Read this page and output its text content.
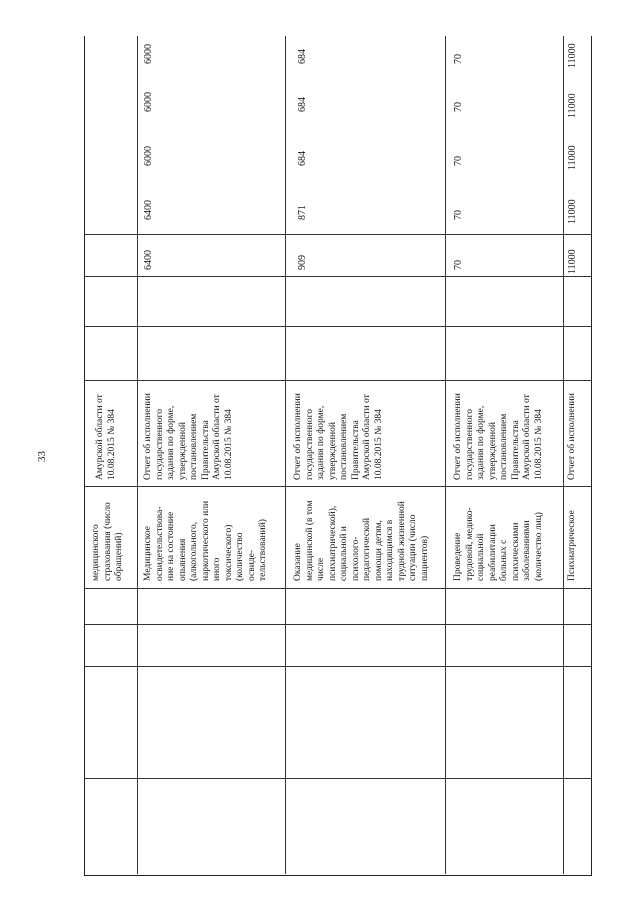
33
медицинского
страхования (число
обращений)
Амурской области от
10.08.2015 № 384
Медицинское
освидетельствова-
ние на состояние
опьянения
(алкогольного,
наркотического или
иного
токсического)
(количество
освиде-
тельствований)
Отчет об исполнении
государственного
задания по форме,
утвержденной
постановлением
Правительства
Амурской области от
10.08.2015 № 384
6400
6400
6000
6000
6000
Оказание
медицинской (в том
числе
психиатрической),
социальной и
психолого-
педагогической
помощи детям,
находящимся в
трудной жизненной
ситуации (число
пациентов)
Отчет об исполнении
государственного
задания по форме,
утвержденной
постановлением
Правительства
Амурской области от
10.08.2015 № 384
909
871
684
684
684
Проведение
трудовой, медико-
социальной
реабилитации
больных с
психическими
заболеваниями
(количество лиц)
Отчет об исполнении
государственного
задания по форме,
утвержденной
постановлением
Правительства
Амурской области от
10.08.2015 № 384
70
70
70
70
70
Психиатрическое
Отчет об исполнении
11000
11000
11000
11000
11000
